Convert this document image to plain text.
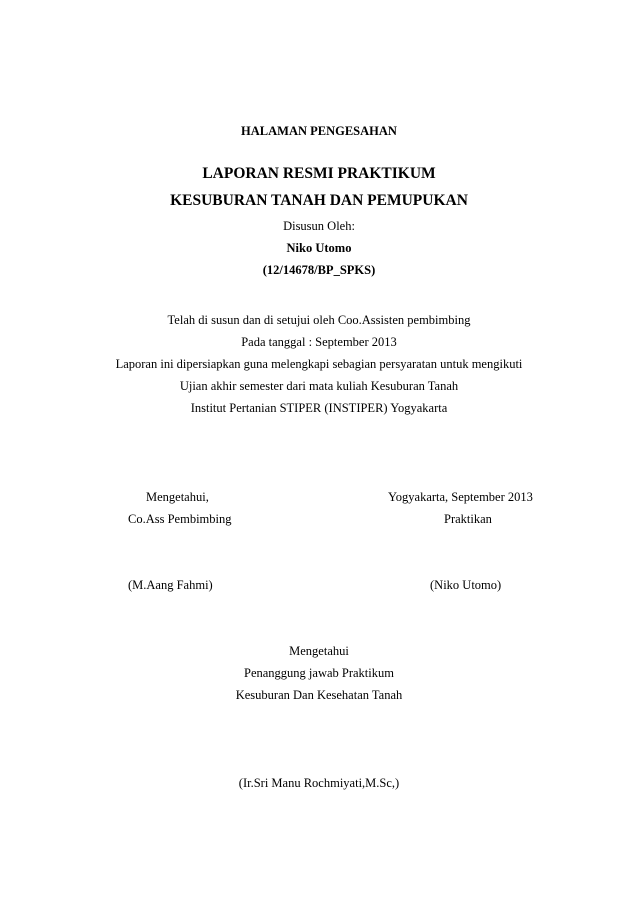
HALAMAN PENGESAHAN
LAPORAN RESMI PRAKTIKUM
KESUBURAN TANAH DAN PEMUPUKAN
Disusun Oleh:
Niko Utomo
(12/14678/BP_SPKS)
Telah di susun dan di setujui oleh Coo.Assisten pembimbing
Pada tanggal : September 2013
Laporan ini dipersiapkan guna melengkapi sebagian persyaratan untuk mengikuti
Ujian akhir semester dari mata kuliah Kesuburan Tanah
Institut Pertanian STIPER (INSTIPER) Yogyakarta
Mengetahui,
Co.Ass Pembimbing
(M.Aang Fahmi)
Yogyakarta, September 2013
Praktikan
(Niko Utomo)
Mengetahui
Penanggung jawab Praktikum
Kesuburan Dan Kesehatan Tanah
(Ir.Sri Manu Rochmiyati,M.Sc,)
